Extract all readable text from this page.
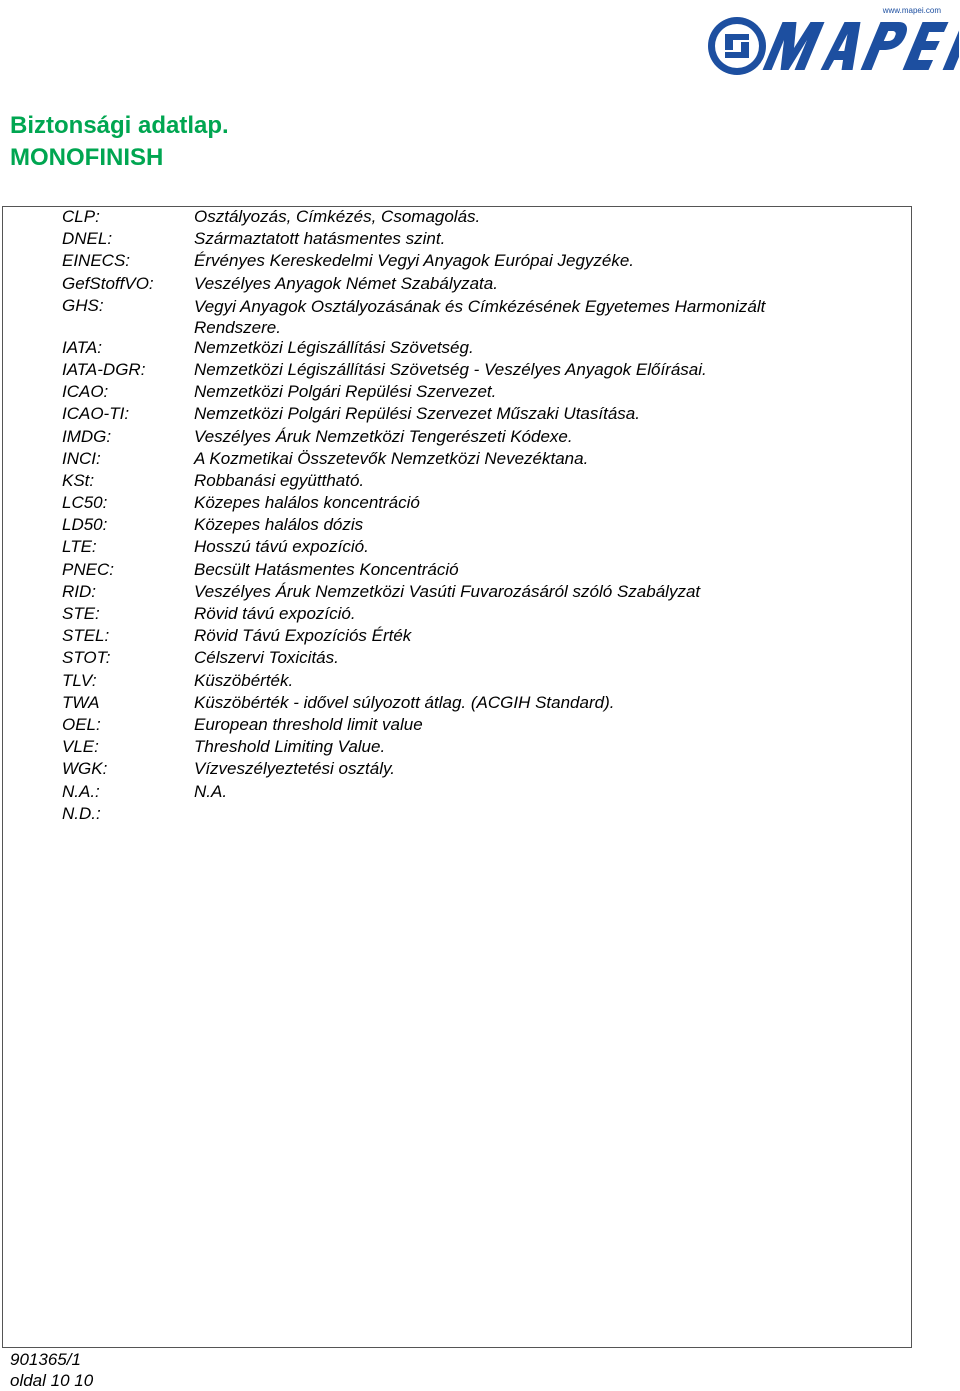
www.mapei.com
Biztonsági adatlap.
MONOFINISH
CLP:	Osztályozás, Címkézés, Csomagolás.
DNEL:	Származtatott hatásmentes szint.
EINECS:	Érvényes Kereskedelmi Vegyi Anyagok Európai Jegyzéke.
GefStoffVO: Veszélyes Anyagok Német Szabályzata.
GHS:	Vegyi Anyagok Osztályozásának és Címkézésének Egyetemes Harmonizált Rendszere.
IATA:	Nemzetközi Légiszállítási Szövetség.
IATA-DGR:	Nemzetközi Légiszállítási Szövetség - Veszélyes Anyagok Előírásai.
ICAO:	Nemzetközi Polgári Repülési Szervezet.
ICAO-TI:	Nemzetközi Polgári Repülési Szervezet Műszaki Utasítása.
IMDG:	Veszélyes Áruk Nemzetközi Tengerészeti Kódexe.
INCI:	A Kozmetikai Összetevők Nemzetközi Nevezéktana.
KSt:	Robbanási együttható.
LC50:	Közepes halálos koncentráció
LD50:	Közepes halálos dózis
LTE:	Hosszú távú expozíció.
PNEC:	Becsült Hatásmentes Koncentráció
RID:	Veszélyes Áruk Nemzetközi Vasúti Fuvarozásáról szóló Szabályzat
STE:	Rövid távú expozíció.
STEL:	Rövid Távú Expozíciós Érték
STOT:	Célszervi Toxicitás.
TLV:	Küszöbérték.
TWA	Küszöbérték - idővel súlyozott átlag. (ACGIH Standard).
OEL:	European threshold limit value
VLE:	Threshold Limiting Value.
WGK:	Vízveszélyeztetési osztály.
N.A.:	N.A.
N.D.:
901365/1
oldal 10 10
